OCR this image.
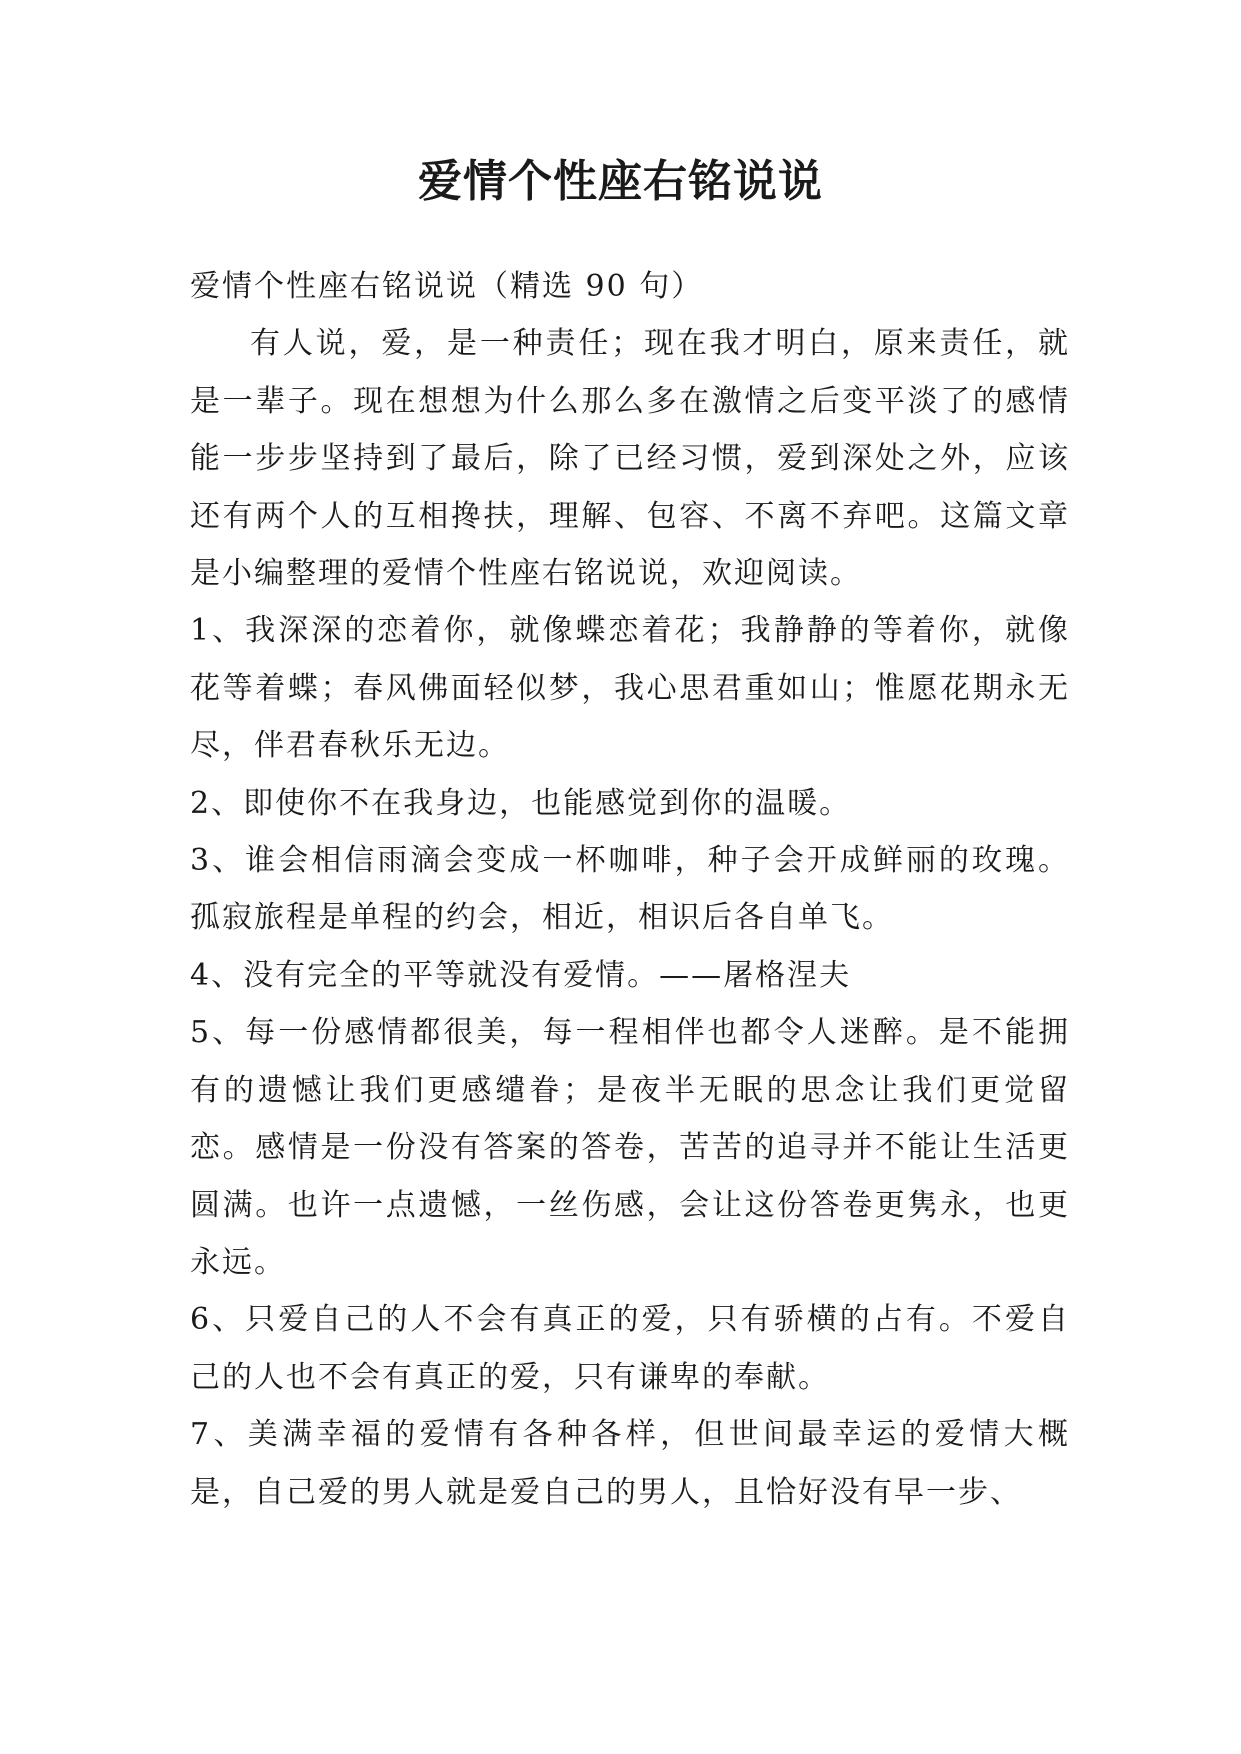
爱情个性座右铭说说

爱情个性座右铭说说（精选 90 句）

有人说，爱，是一种责任；现在我才明白，原来责任，就是一辈子。现在想想为什么那么多在激情之后变平淡了的感情能一步步坚持到了最后，除了已经习惯，爱到深处之外，应该还有两个人的互相搀扶，理解、包容、不离不弃吧。这篇文章是小编整理的爱情个性座右铭说说，欢迎阅读。

1、我深深的恋着你，就像蝶恋着花；我静静的等着你，就像花等着蝶；春风佛面轻似梦，我心思君重如山；惟愿花期永无尽，伴君春秋乐无边。

2、即使你不在我身边，也能感觉到你的温暖。

3、谁会相信雨滴会变成一杯咖啡，种子会开成鲜丽的玫瑰。孤寂旅程是单程的约会，相近，相识后各自单飞。

4、没有完全的平等就没有爱情。——屠格涅夫

5、每一份感情都很美，每一程相伴也都令人迷醉。是不能拥有的遗憾让我们更感缱眷；是夜半无眠的思念让我们更觉留恋。感情是一份没有答案的答卷，苦苦的追寻并不能让生活更圆满。也许一点遗憾，一丝伤感，会让这份答卷更隽永，也更永远。

6、只爱自己的人不会有真正的爱，只有骄横的占有。不爱自己的人也不会有真正的爱，只有谦卑的奉献。

7、美满幸福的爱情有各种各样，但世间最幸运的爱情大概是，自己爱的男人就是爱自己的男人，且恰好没有早一步、
